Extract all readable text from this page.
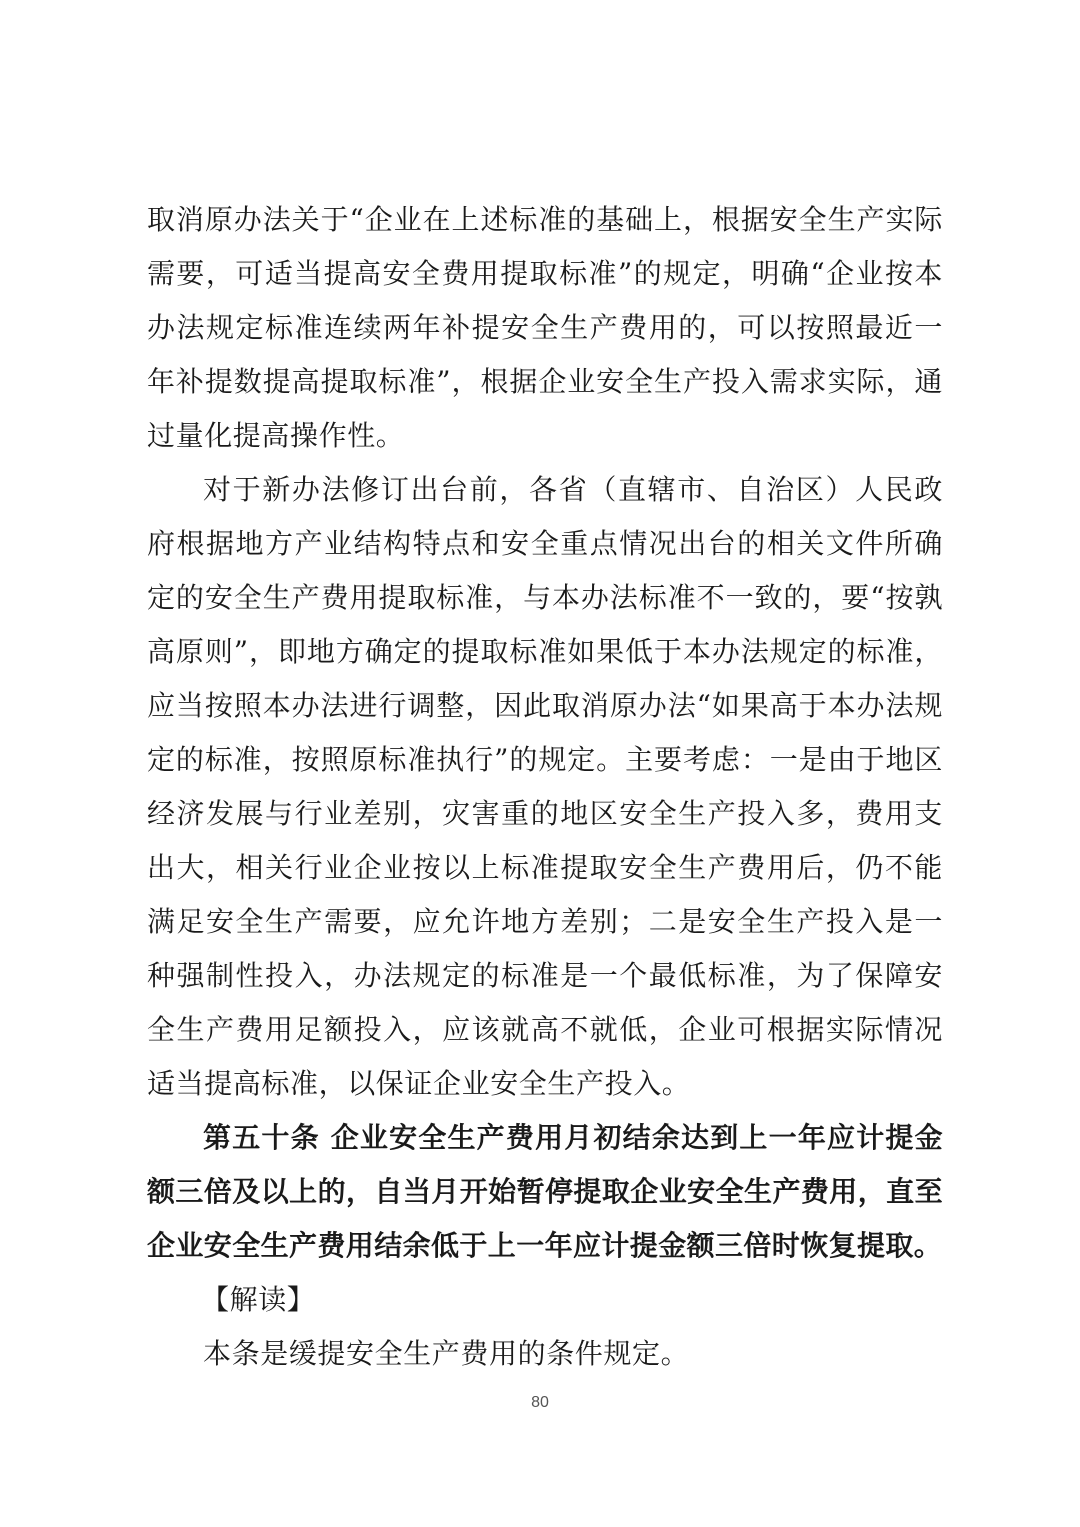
取消原办法关于“企业在上述标准的基础上，根据安全生产实际需要，可适当提高安全费用提取标准”的规定，明确“企业按本办法规定标准连续两年补提安全生产费用的，可以按照最近一年补提数提高提取标准”，根据企业安全生产投入需求实际，通过量化提高操作性。

对于新办法修订出台前，各省（直辖市、自治区）人民政府根据地方产业结构特点和安全重点情况出台的相关文件所确定的安全生产费用提取标准，与本办法标准不一致的，要“按孰高原则”，即地方确定的提取标准如果低于本办法规定的标准，应当按照本办法进行调整，因此取消原办法“如果高于本办法规定的标准，按照原标准执行”的规定。主要考虑：一是由于地区经济发展与行业差别，灾害重的地区安全生产投入多，费用支出大，相关行业企业按以上标准提取安全生产费用后，仍不能满足安全生产需要，应允许地方差别；二是安全生产投入是一种强制性投入，办法规定的标准是一个最低标准，为了保障安全生产费用足额投入，应该就高不就低，企业可根据实际情况适当提高标准，以保证企业安全生产投入。

第五十条 企业安全生产费用月初结余达到上一年应计提金额三倍及以上的，自当月开始暂停提取企业安全生产费用，直至企业安全生产费用结余低于上一年应计提金额三倍时恢复提取。

【解读】

本条是缓提安全生产费用的条件规定。

80
